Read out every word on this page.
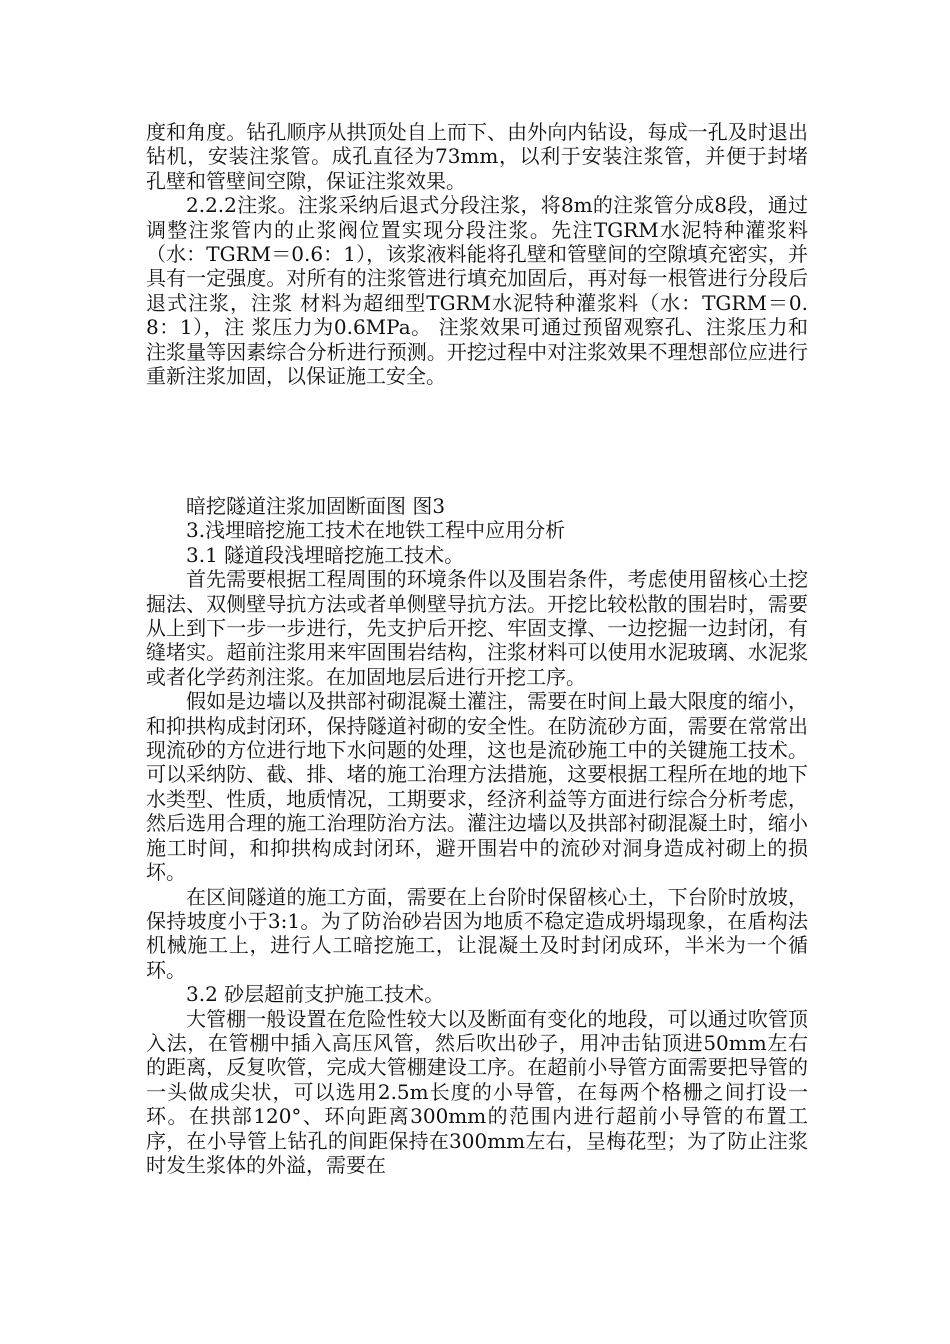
度和角度。钻孔顺序从拱顶处自上而下、由外向内钻设，每成一孔及时退出钻机，安装注浆管。成孔直径为73mm，以利于安装注浆管，并便于封堵孔壁和管壁间空隙，保证注浆效果。

2.2.2注浆。注浆采纳后退式分段注浆，将8m的注浆管分成8段，通过调整注浆管内的止浆阀位置实现分段注浆。先注TGRM水泥特种灌浆料（水：TGRM＝0.6：1），该浆液料能将孔壁和管壁间的空隙填充密实，并具有一定强度。对所有的注浆管进行填充加固后，再对每一根管进行分段后退式注浆，注浆 材料为超细型TGRM水泥特种灌浆料（水：TGRM＝0.8：1），注 浆压力为0.6MPa。 注浆效果可通过预留观察孔、注浆压力和注浆量等因素综合分析进行预测。开挖过程中对注浆效果不理想部位应进行重新注浆加固，以保证施工安全。

暗挖隧道注浆加固断面图 图3

3.浅埋暗挖施工技术在地铁工程中应用分析

3.1 隧道段浅埋暗挖施工技术。

首先需要根据工程周围的环境条件以及围岩条件，考虑使用留核心土挖掘法、双侧壁导抗方法或者单侧壁导抗方法。开挖比较松散的围岩时，需要从上到下一步一步进行，先支护后开挖、牢固支撑、一边挖掘一边封闭，有缝堵实。超前注浆用来牢固围岩结构，注浆材料可以使用水泥玻璃、水泥浆或者化学药剂注浆。在加固地层后进行开挖工序。

假如是边墙以及拱部衬砌混凝土灌注，需要在时间上最大限度的缩小，和抑拱构成封闭环，保持隧道衬砌的安全性。在防流砂方面，需要在常常出现流砂的方位进行地下水问题的处理，这也是流砂施工中的关键施工技术。可以采纳防、截、排、堵的施工治理方法措施，这要根据工程所在地的地下水类型、性质，地质情况，工期要求，经济利益等方面进行综合分析考虑，然后选用合理的施工治理防治方法。灌注边墙以及拱部衬砌混凝土时，缩小施工时间，和抑拱构成封闭环，避开围岩中的流砂对洞身造成衬砌上的损坏。

在区间隧道的施工方面，需要在上台阶时保留核心土，下台阶时放坡，保持坡度小于3:1。为了防治砂岩因为地质不稳定造成坍塌现象，在盾构法机械施工上，进行人工暗挖施工，让混凝土及时封闭成环，半米为一个循环。

3.2 砂层超前支护施工技术。

大管棚一般设置在危险性较大以及断面有变化的地段，可以通过吹管顶入法，在管棚中插入高压风管，然后吹出砂子，用冲击钻顶进50mm左右的距离，反复吹管，完成大管棚建设工序。在超前小导管方面需要把导管的一头做成尖状，可以选用2.5m长度的小导管，在每两个格栅之间打设一环。在拱部120°、环向距离300mm的范围内进行超前小导管的布置工序，在小导管上钻孔的间距保持在300mm左右，呈梅花型；为了防止注浆时发生浆体的外溢，需要在
